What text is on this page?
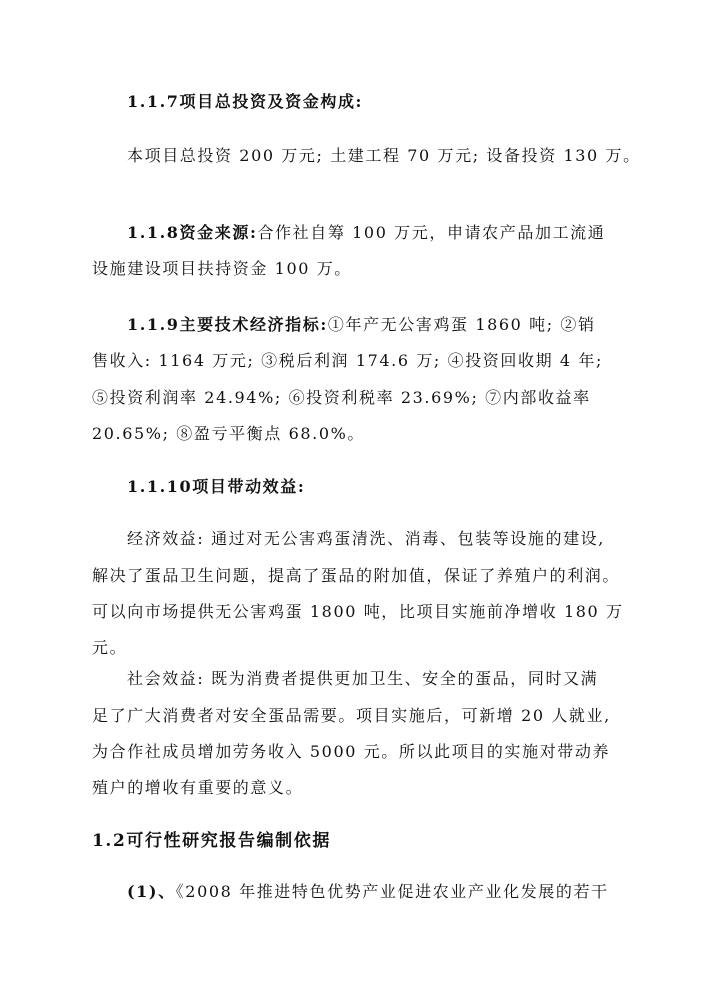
1.1.7项目总投资及资金构成:
本项目总投资 200 万元; 土建工程 70 万元; 设备投资 130 万。
1.1.8资金来源:合作社自筹 100 万元，申请农产品加工流通
设施建设项目扶持资金 100 万。
1.1.9主要技术经济指标:①年产无公害鸡蛋 1860 吨; ②销
售收入: 1164 万元; ③税后利润 174.6 万; ④投资回收期 4 年;
⑤投资利润率 24.94%; ⑥投资利税率 23.69%; ⑦内部收益率
20.65%; ⑧盈亏平衡点 68.0%。
1.1.10项目带动效益:
经济效益: 通过对无公害鸡蛋清洗、消毒、包装等设施的建设,
解决了蛋品卫生问题，提高了蛋品的附加值，保证了养殖户的利润。
可以向市场提供无公害鸡蛋 1800 吨，比项目实施前净增收 180 万
元。
社会效益: 既为消费者提供更加卫生、安全的蛋品，同时又满
足了广大消费者对安全蛋品需要。项目实施后，可新增 20 人就业,
为合作社成员增加劳务收入 5000 元。所以此项目的实施对带动养
殖户的增收有重要的意义。
1.2可行性研究报告编制依据
(1)、《2008 年推进特色优势产业促进农业产业化发展的若干
